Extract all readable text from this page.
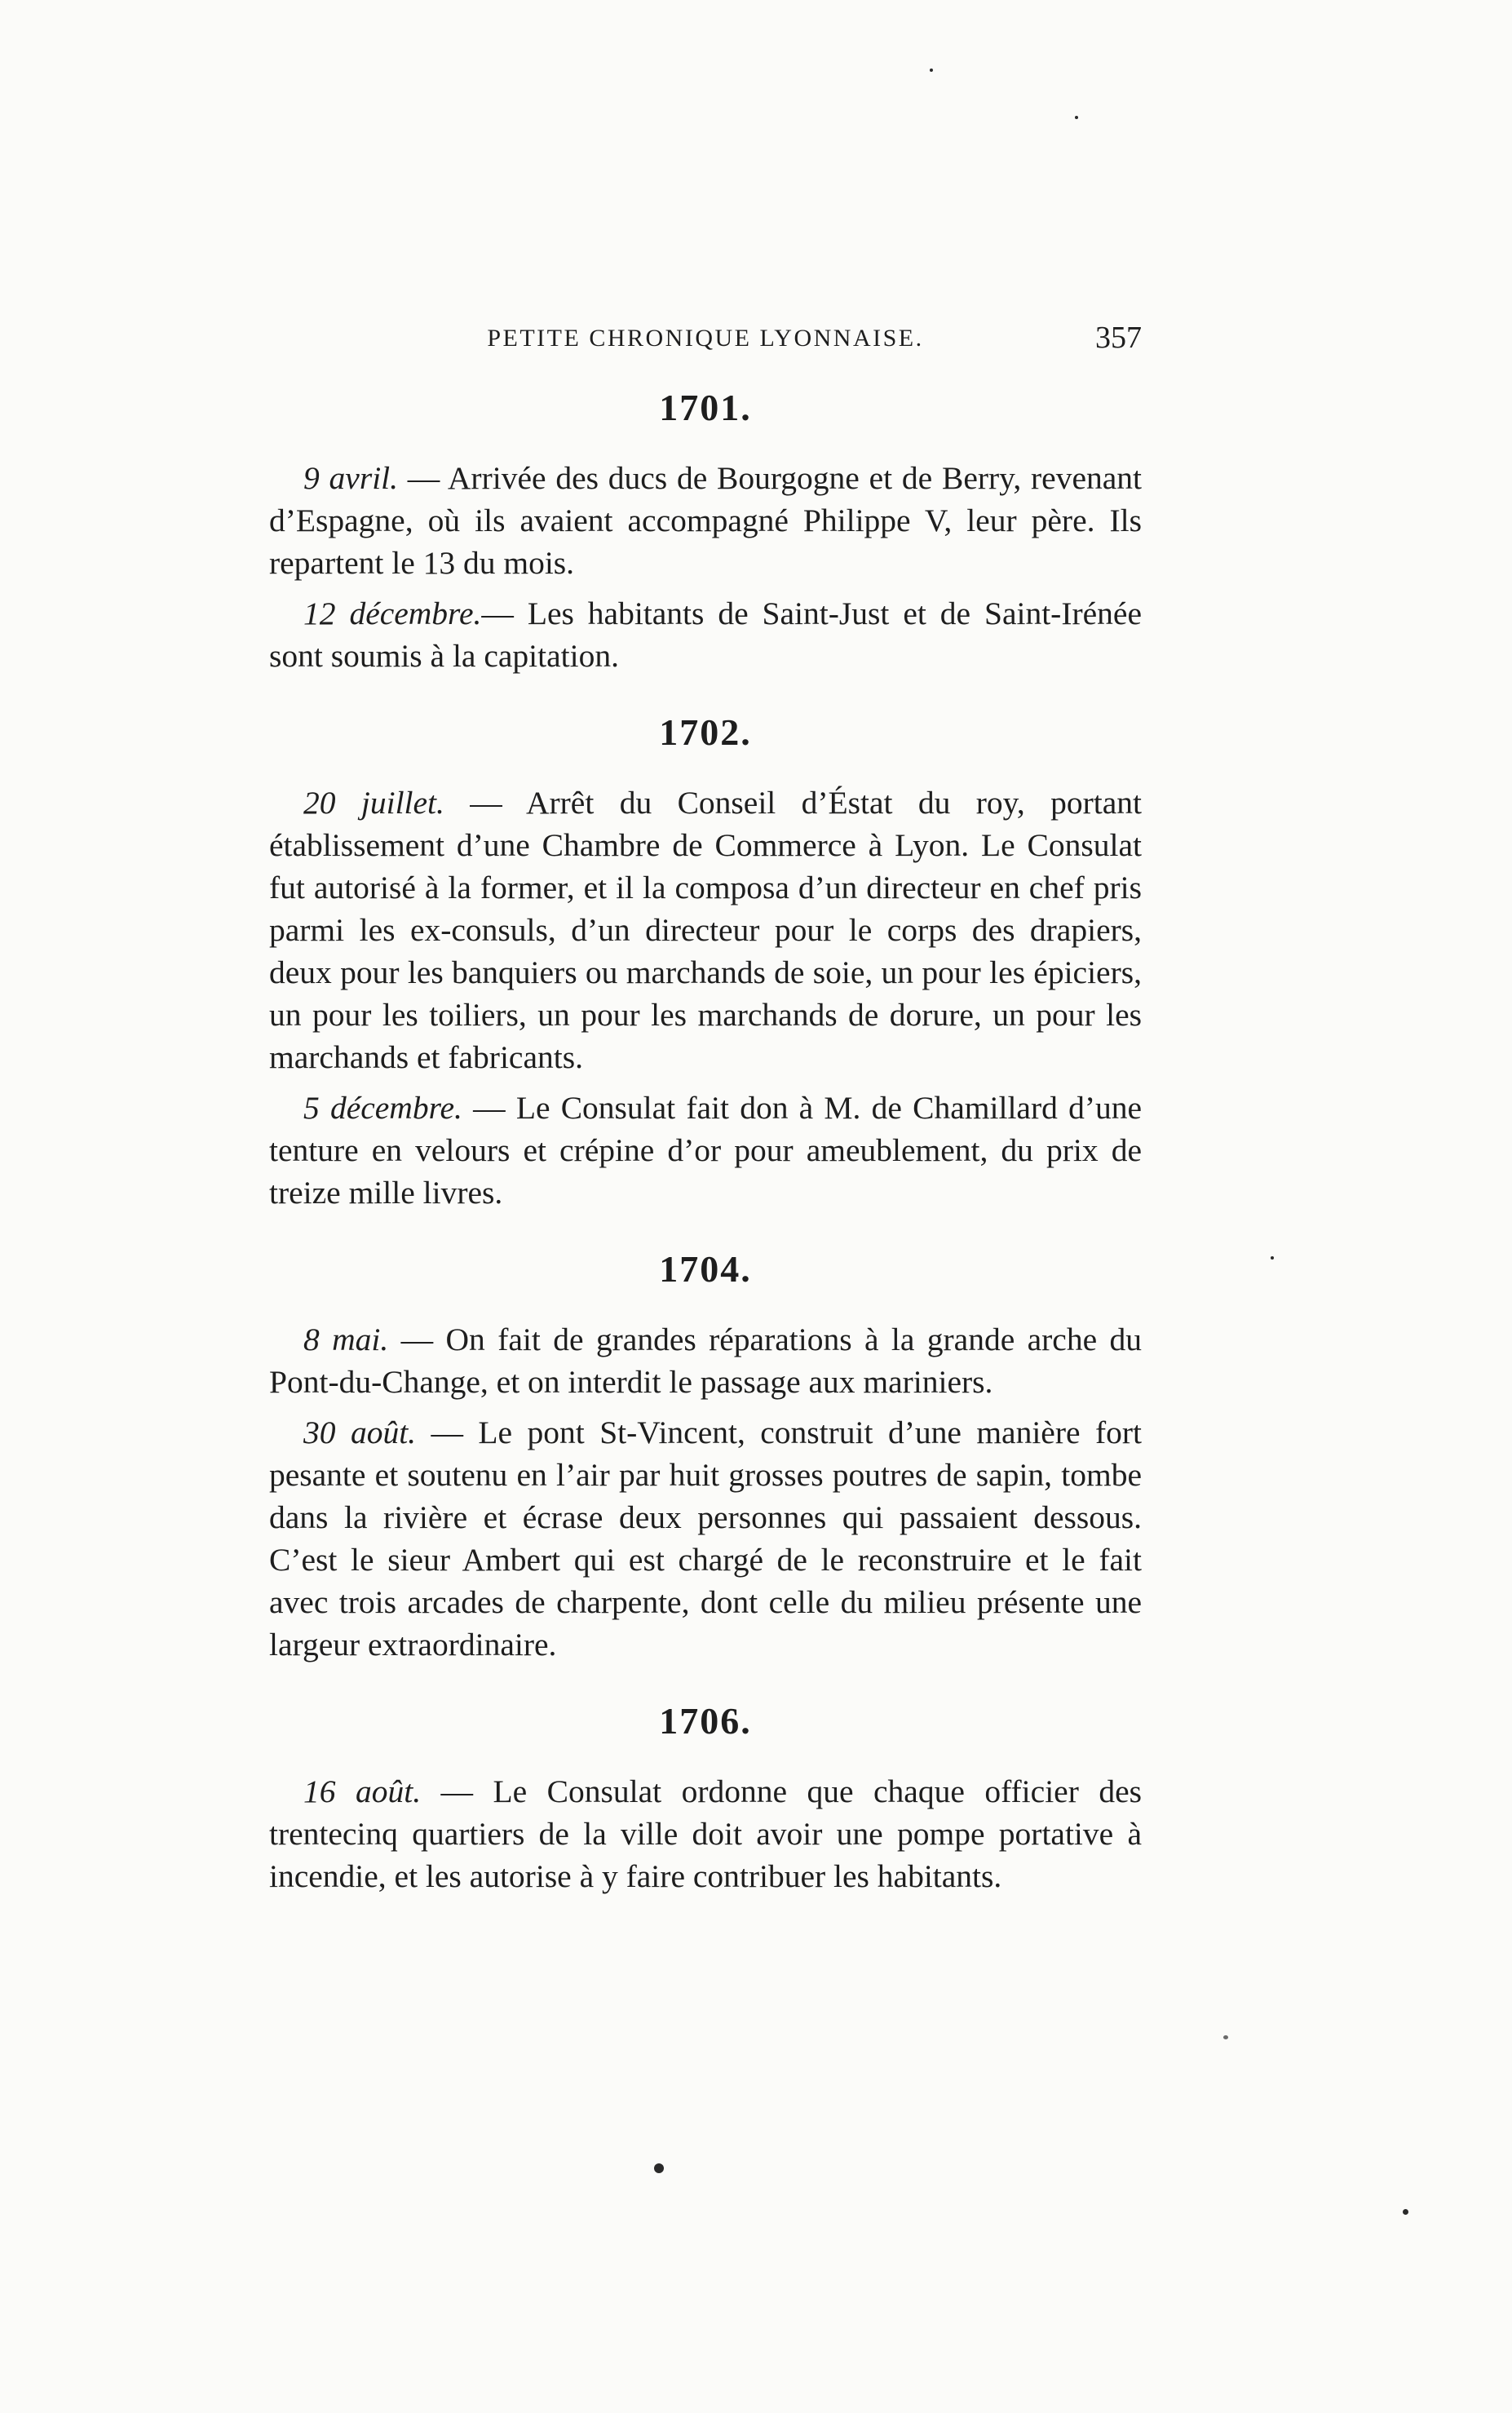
PETITE CHRONIQUE LYONNAISE.	357
1701.

9 avril. — Arrivée des ducs de Bourgogne et de Berry, revenant d’Espagne, où ils avaient accompagné Philippe V, leur père. Ils repartent le 13 du mois.

12 décembre.— Les habitants de Saint-Just et de Saint-Irénée sont soumis à la capitation.

1702.

20 juillet. — Arrêt du Conseil d’Éstat du roy, portant établissement d’une Chambre de Commerce à Lyon. Le Consulat fut autorisé à la former, et il la composa d’un directeur en chef pris parmi les ex-consuls, d’un directeur pour le corps des drapiers, deux pour les banquiers ou marchands de soie, un pour les épiciers, un pour les toiliers, un pour les marchands de dorure, un pour les marchands et fabricants.

5 décembre. — Le Consulat fait don à M. de Chamillard d’une tenture en velours et crépine d’or pour ameublement, du prix de treize mille livres.

1704.

8 mai. — On fait de grandes réparations à la grande arche du Pont-du-Change, et on interdit le passage aux mariniers.

30 août. — Le pont St-Vincent, construit d’une manière fort pesante et soutenu en l’air par huit grosses poutres de sapin, tombe dans la rivière et écrase deux personnes qui passaient dessous. C’est le sieur Ambert qui est chargé de le reconstruire et le fait avec trois arcades de charpente, dont celle du milieu présente une largeur extraordinaire.

1706.

16 août. — Le Consulat ordonne que chaque officier des trentecinq quartiers de la ville doit avoir une pompe portative à incendie, et les autorise à y faire contribuer les habitants.
